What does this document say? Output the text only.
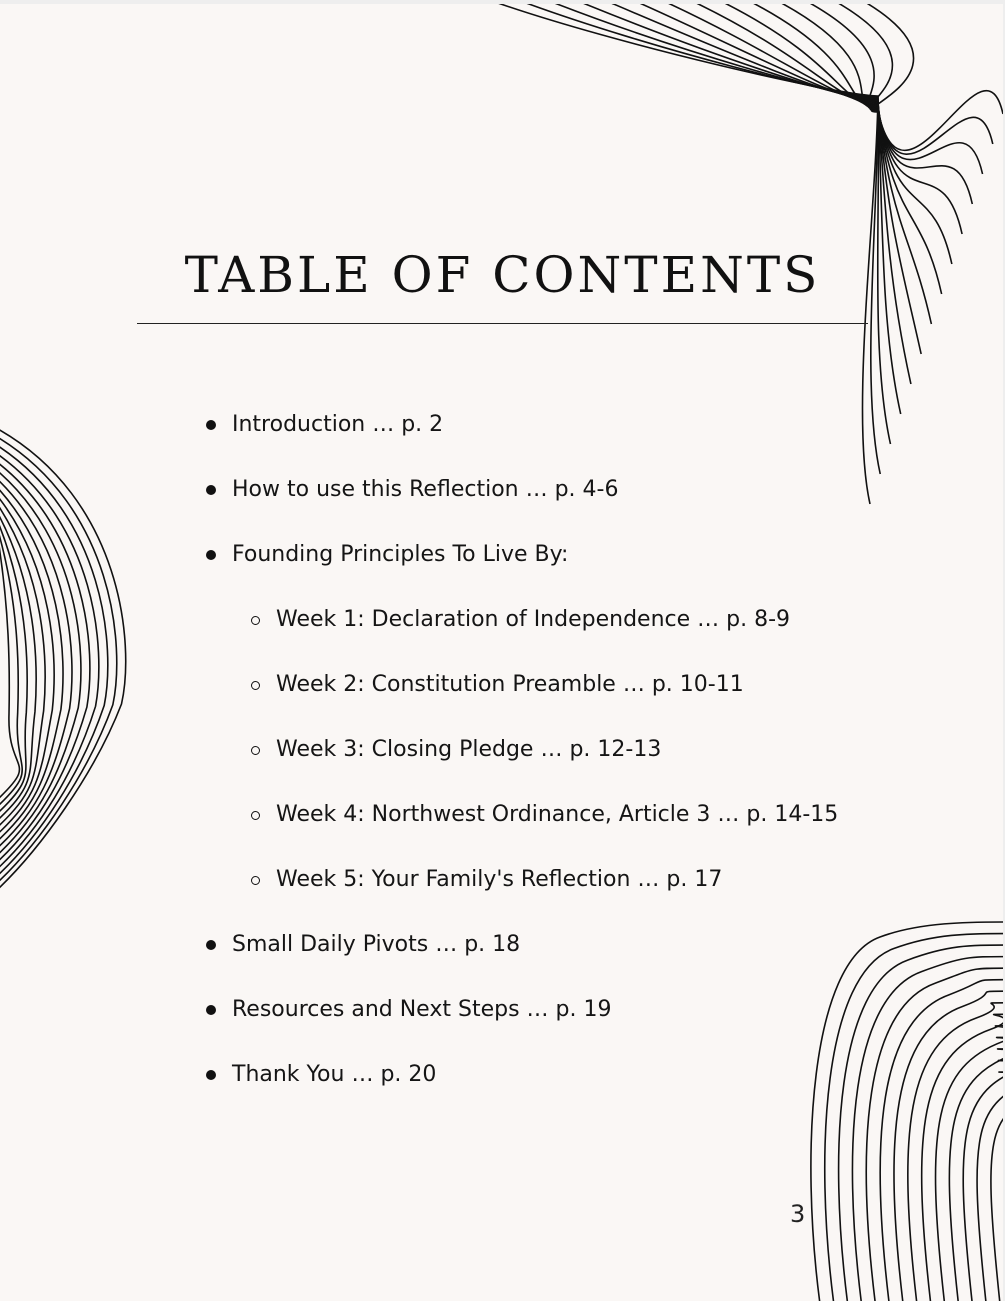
TABLE OF CONTENTS
Introduction … p. 2
How to use this Reflection … p. 4-6
Founding Principles To Live By:
Week 1: Declaration of Independence … p. 8-9
Week 2: Constitution Preamble … p. 10-11
Week 3: Closing Pledge … p. 12-13
Week 4: Northwest Ordinance, Article 3 … p. 14-15
Week 5: Your Family's Reflection … p. 17
Small Daily Pivots … p. 18
Resources and Next Steps … p. 19
Thank You … p. 20
3
